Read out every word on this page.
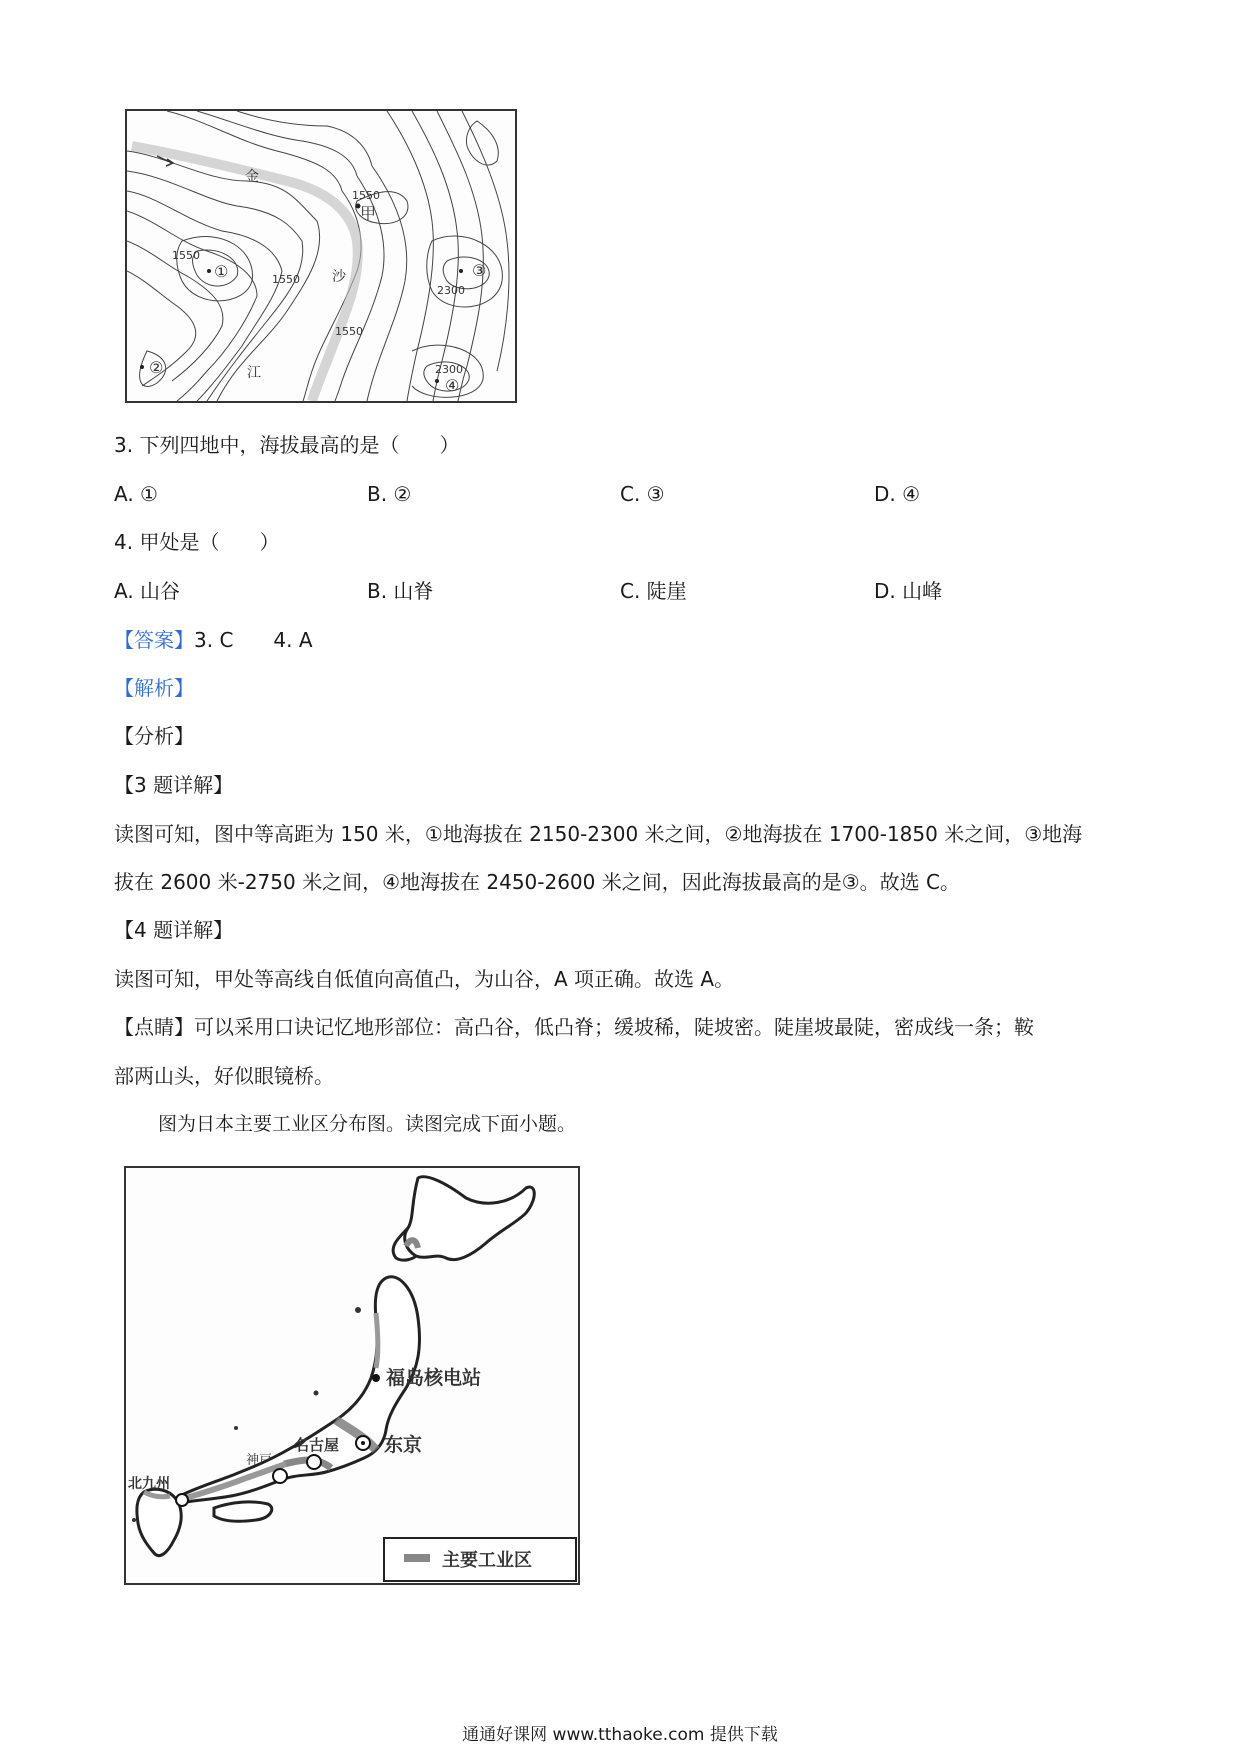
1550
甲
1550
①	1550
2300
③
沙
1550
②	江	2300
④
金
3. 下列四地中，海拔最高的是（　　）
A. ①	B. ②	C. ③	D. ④
4. 甲处是（　　）
A. 山谷	B. 山脊	C. 陡崖	D. 山峰
【答案】3. C　　4. A
【解析】
【分析】
【3 题详解】
读图可知，图中等高距为 150 米，①地海拔在 2150-2300 米之间，②地海拔在 1700-1850 米之间，③地海
拔在 2600 米-2750 米之间，④地海拔在 2450-2600 米之间，因此海拔最高的是③。故选 C。
【4 题详解】
读图可知，甲处等高线自低值向高值凸，为山谷，A 项正确。故选 A。
【点睛】可以采用口诀记忆地形部位：高凸谷，低凸脊；缓坡稀，陡坡密。陡崖坡最陡，密成线一条；鞍
部两山头，好似眼镜桥。
图为日本主要工业区分布图。读图完成下面小题。
福岛核电站
东京
名古屋
神戸
北九州
主要工业区
通通好课网 www.tthaoke.com 提供下载
